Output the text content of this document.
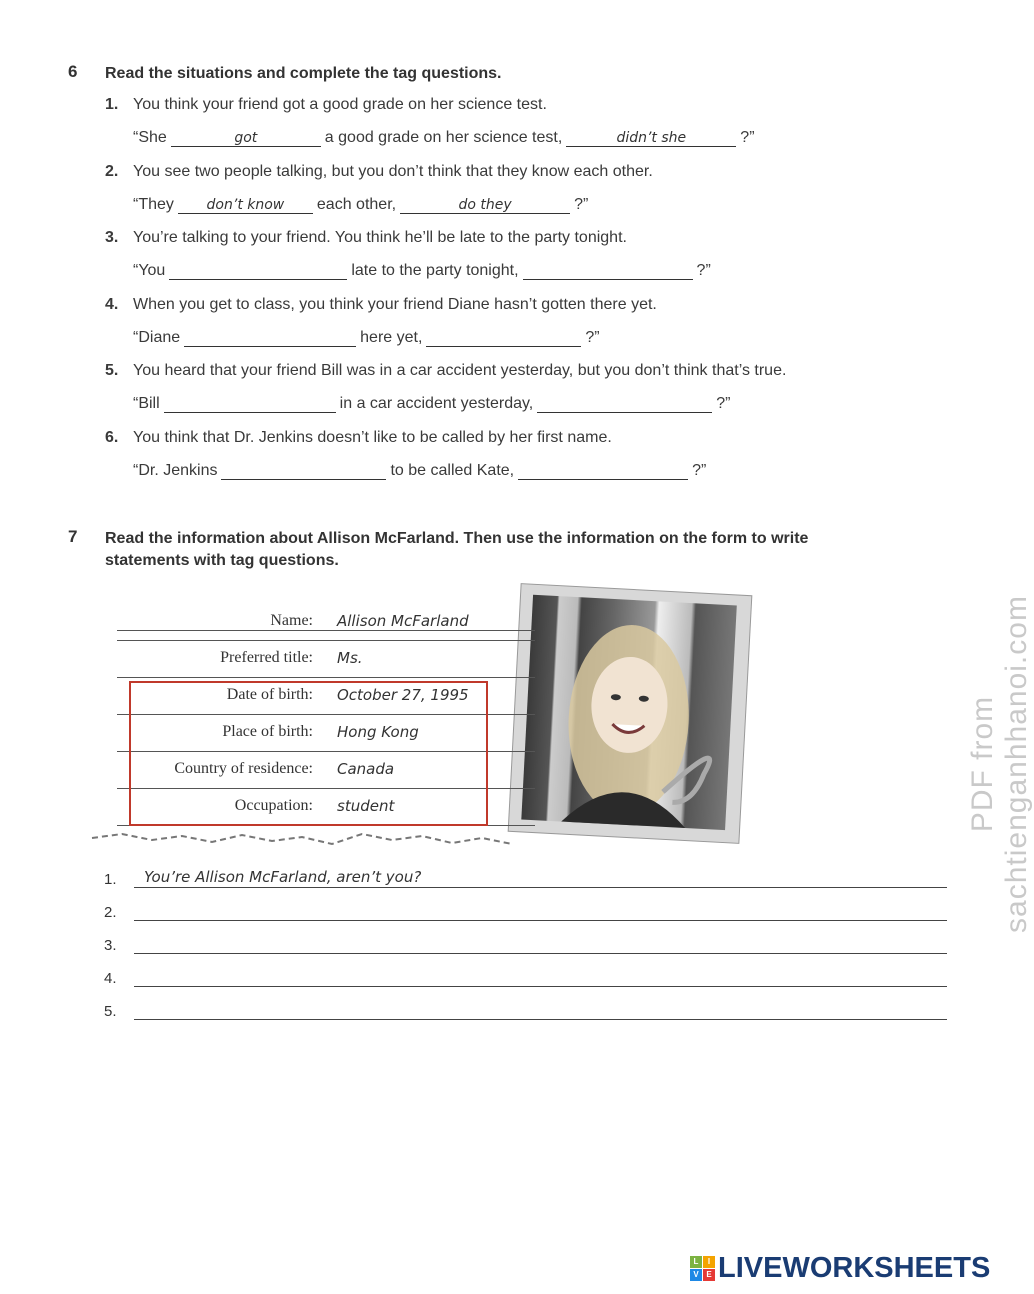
6 Read the situations and complete the tag questions.
1. You think your friend got a good grade on her science test.
“She	got	a good grade on her science test,	didn’t she	?”
2. You see two people talking, but you don’t think that they know each other.
“They	don’t know	each other,	do they	?”
3. You’re talking to your friend. You think he’ll be late to the party tonight.
“You	late to the party tonight,	?”
4. When you get to class, you think your friend Diane hasn’t gotten there yet.
“Diane	here yet,	?”
5. You heard that your friend Bill was in a car accident yesterday, but you don’t think that’s true.
“Bill	in a car accident yesterday,	?”
6. You think that Dr. Jenkins doesn’t like to be called by her first name.
“Dr. Jenkins	to be called Kate,	?”
7 Read the information about Allison McFarland. Then use the information on the form to write
statements with tag questions.
Name: Allison McFarland
Preferred title: Ms.
Date of birth: October 27, 1995
Place of birth: Hong Kong
Country of residence: Canada
Occupation: student
1. You’re Allison McFarland, aren’t you?
2.
3.
4.
5.
PDF from sachtienganhhanoi.com
L	I
V E LIVEWORKSHEETS
